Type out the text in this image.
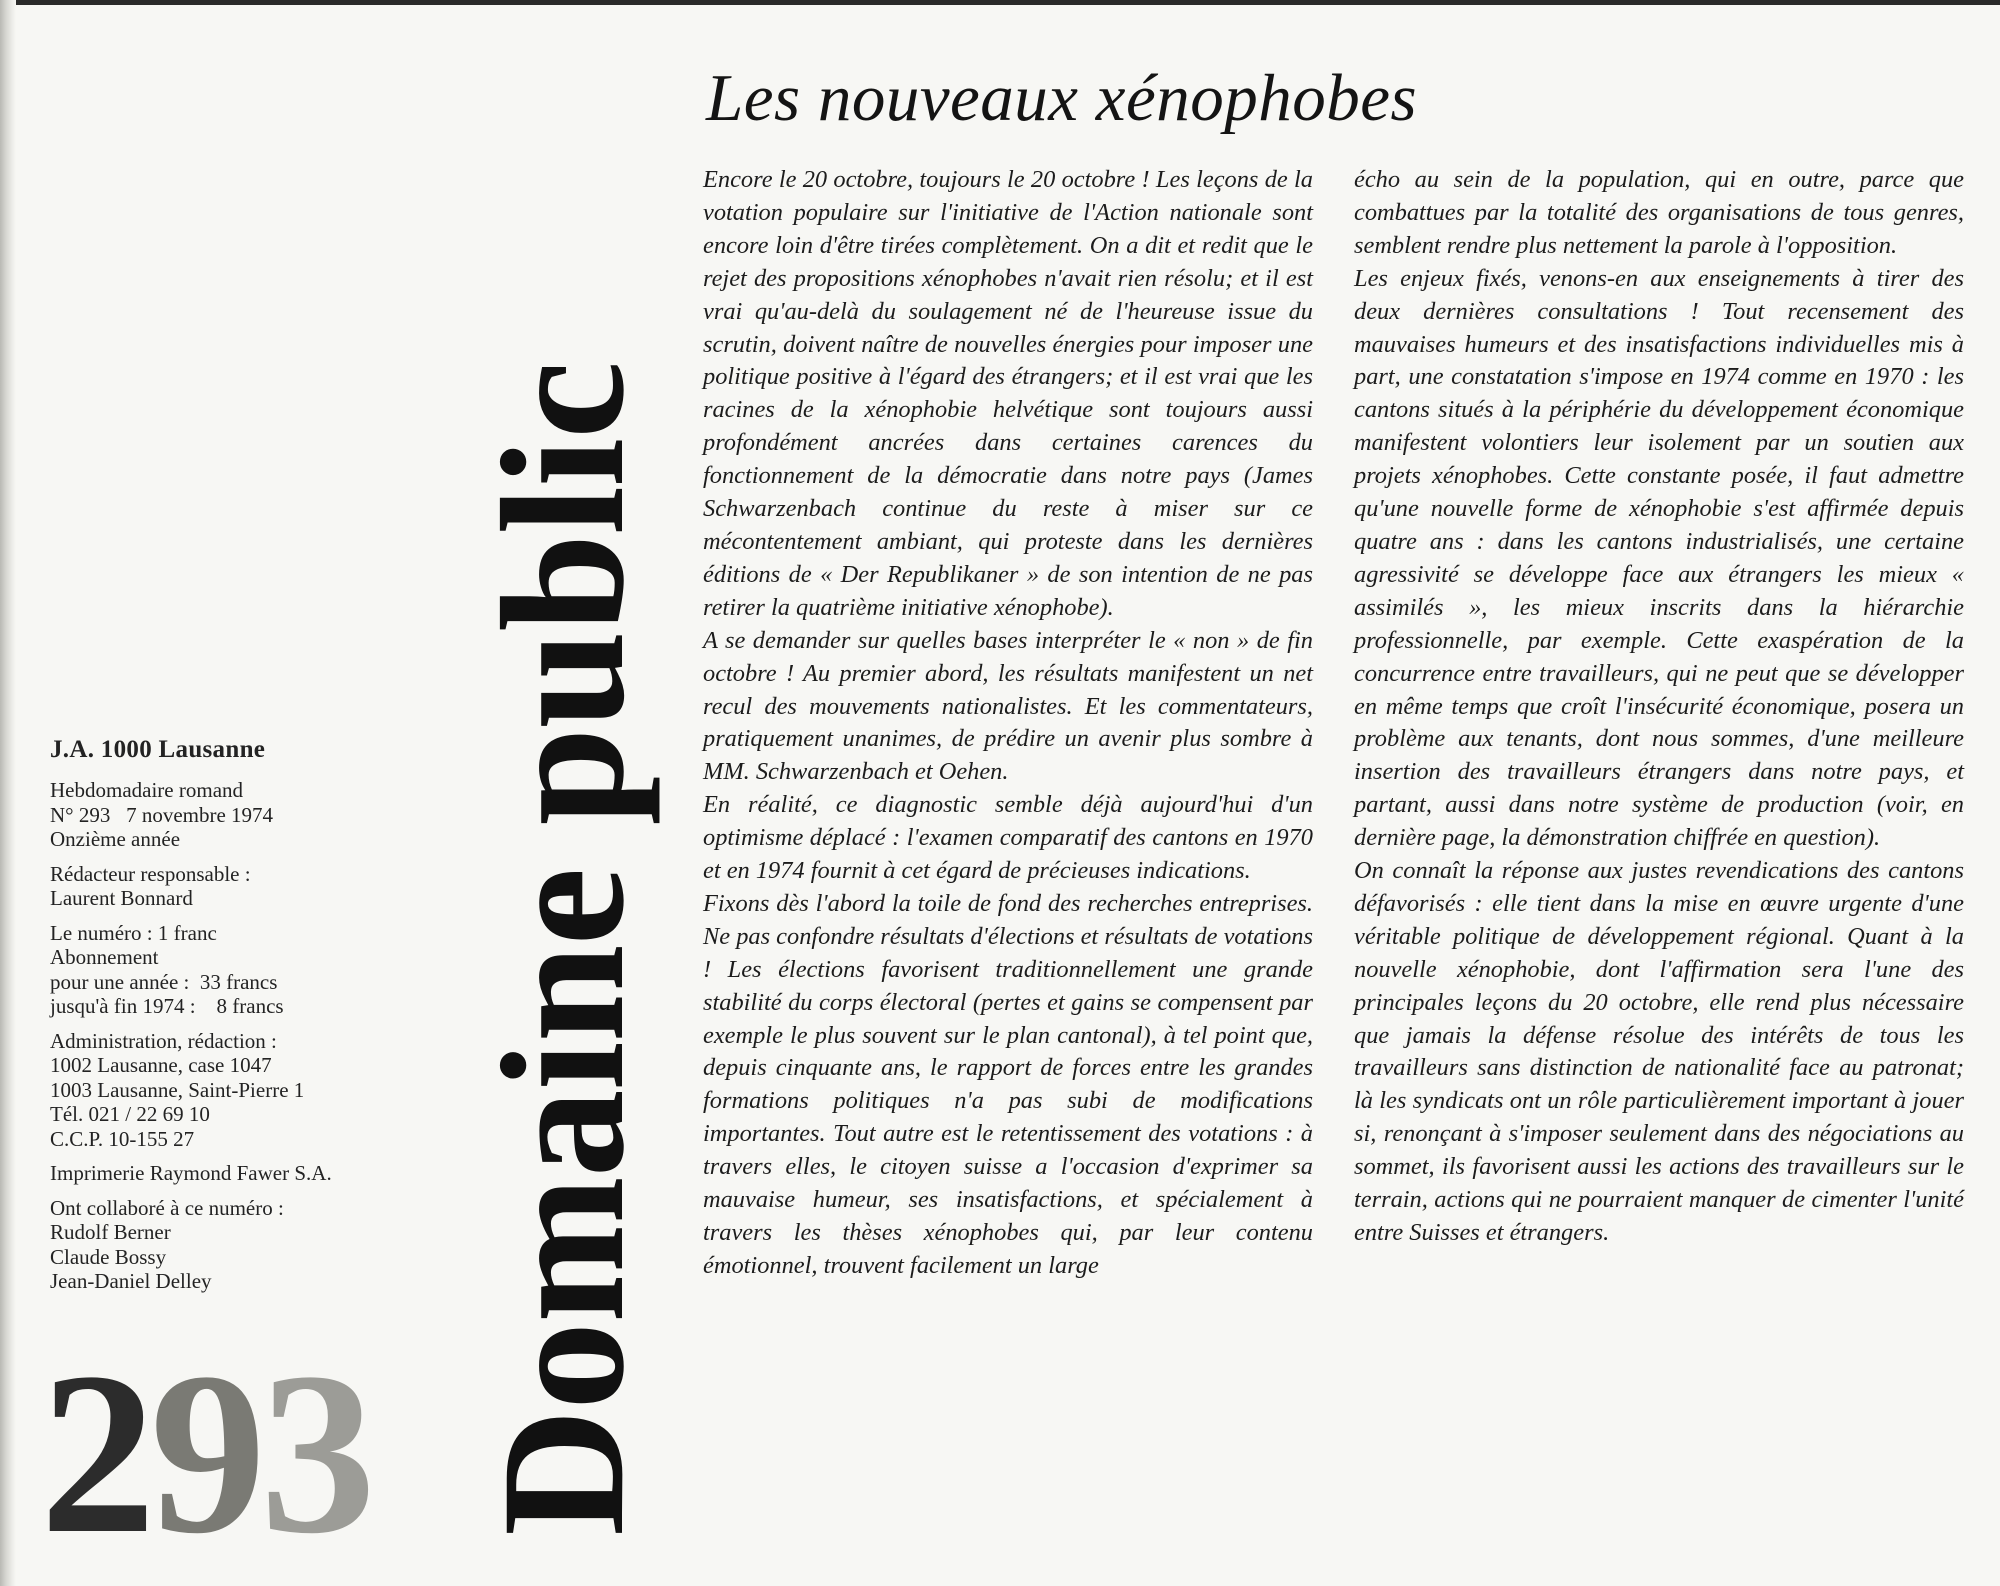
J.A. 1000 Lausanne
Hebdomadaire romand
N° 293   7 novembre 1974
Onzième année
Rédacteur responsable :
Laurent Bonnard
Le numéro : 1 franc
Abonnement
pour une année :  33 francs
jusqu'à fin 1974 :    8 francs
Administration, rédaction :
1002 Lausanne, case 1047
1003 Lausanne, Saint-Pierre 1
Tél. 021 / 22 69 10
C.C.P. 10-155 27
Imprimerie Raymond Fawer S.A.
Ont collaboré à ce numéro :
Rudolf Berner
Claude Bossy
Jean-Daniel Delley
293 Domaine public
Les nouveaux xénophobes

Encore le 20 octobre, toujours le 20 octobre ! Les leçons de la votation populaire sur l'initiative de l'Action nationale sont encore loin d'être tirées complètement. On a dit et redit que le rejet des propositions xénophobes n'avait rien résolu; et il est vrai qu'au-delà du soulagement né de l'heureuse issue du scrutin, doivent naître de nouvelles énergies pour imposer une politique positive à l'égard des étrangers; et il est vrai que les racines de la xénophobie helvétique sont toujours aussi profondément ancrées dans certaines carences du fonctionnement de la démocratie dans notre pays (James Schwarzenbach continue du reste à miser sur ce mécontentement ambiant, qui proteste dans les dernières éditions de « Der Republikaner » de son intention de ne pas retirer la quatrième initiative xénophobe).

A se demander sur quelles bases interpréter le « non » de fin octobre ! Au premier abord, les résultats manifestent un net recul des mouvements nationalistes. Et les commentateurs, pratiquement unanimes, de prédire un avenir plus sombre à MM. Schwarzenbach et Oehen.

En réalité, ce diagnostic semble déjà aujourd'hui d'un optimisme déplacé : l'examen comparatif des cantons en 1970 et en 1974 fournit à cet égard de précieuses indications.

Fixons dès l'abord la toile de fond des recherches entreprises. Ne pas confondre résultats d'élections et résultats de votations ! Les élections favorisent traditionnellement une grande stabilité du corps électoral (pertes et gains se compensent par exemple le plus souvent sur le plan cantonal), à tel point que, depuis cinquante ans, le rapport de forces entre les grandes formations politiques n'a pas subi de modifications importantes. Tout autre est le retentissement des votations : à travers elles, le citoyen suisse a l'occasion d'exprimer sa mauvaise humeur, ses insatisfactions, et spécialement à travers les thèses xénophobes qui, par leur contenu émotionnel, trouvent facilement un large

écho au sein de la population, qui en outre, parce que combattues par la totalité des organisations de tous genres, semblent rendre plus nettement la parole à l'opposition.

Les enjeux fixés, venons-en aux enseignements à tirer des deux dernières consultations ! Tout recensement des mauvaises humeurs et des insatisfactions individuelles mis à part, une constatation s'impose en 1974 comme en 1970 : les cantons situés à la périphérie du développement économique manifestent volontiers leur isolement par un soutien aux projets xénophobes. Cette constante posée, il faut admettre qu'une nouvelle forme de xénophobie s'est affirmée depuis quatre ans : dans les cantons industrialisés, une certaine agressivité se développe face aux étrangers les mieux « assimilés », les mieux inscrits dans la hiérarchie professionnelle, par exemple. Cette exaspération de la concurrence entre travailleurs, qui ne peut que se développer en même temps que croît l'insécurité économique, posera un problème aux tenants, dont nous sommes, d'une meilleure insertion des travailleurs étrangers dans notre pays, et partant, aussi dans notre système de production (voir, en dernière page, la démonstration chiffrée en question).

On connaît la réponse aux justes revendications des cantons défavorisés : elle tient dans la mise en œuvre urgente d'une véritable politique de développement régional. Quant à la nouvelle xénophobie, dont l'affirmation sera l'une des principales leçons du 20 octobre, elle rend plus nécessaire que jamais la défense résolue des intérêts de tous les travailleurs sans distinction de nationalité face au patronat; là les syndicats ont un rôle particulièrement important à jouer si, renonçant à s'imposer seulement dans des négociations au sommet, ils favorisent aussi les actions des travailleurs sur le terrain, actions qui ne pourraient manquer de cimenter l'unité entre Suisses et étrangers.
